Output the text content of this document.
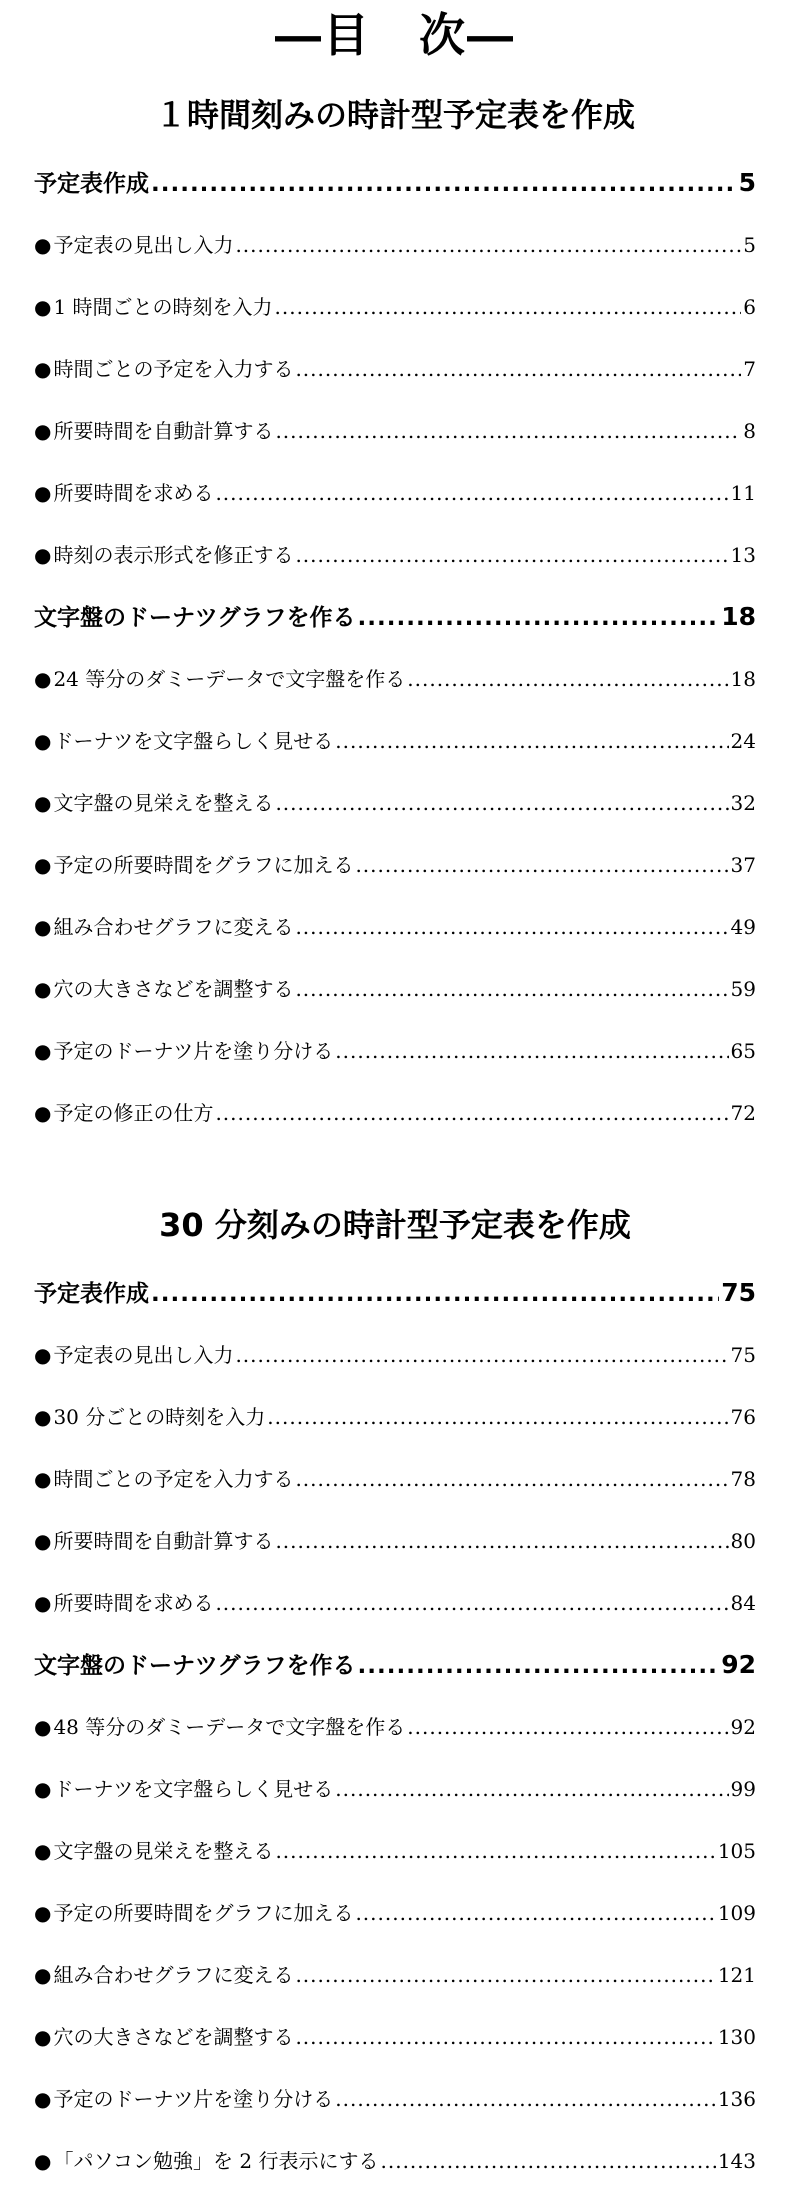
―目　次―
１時間刻みの時計型予定表を作成
予定表作成 .....	5
● 予定表の見出し入力 .....	5
● 1 時間ごとの時刻を入力 .....	6
● 時間ごとの予定を入力する .....	7
● 所要時間を自動計算する .....	8
● 所要時間を求める .....	11
● 時刻の表示形式を修正する .....	13
文字盤のドーナツグラフを作る .....	18
● 24 等分のダミーデータで文字盤を作る .....	18
● ドーナツを文字盤らしく見せる .....	24
● 文字盤の見栄えを整える .....	32
● 予定の所要時間をグラフに加える .....	37
● 組み合わせグラフに変える .....	49
● 穴の大きさなどを調整する .....	59
● 予定のドーナツ片を塗り分ける .....	65
● 予定の修正の仕方 .....	72
30 分刻みの時計型予定表を作成
予定表作成 .....	75
● 予定表の見出し入力 .....	75
● 30 分ごとの時刻を入力 .....	76
● 時間ごとの予定を入力する .....	78
● 所要時間を自動計算する .....	80
● 所要時間を求める .....	84
文字盤のドーナツグラフを作る .....	92
● 48 等分のダミーデータで文字盤を作る .....	92
● ドーナツを文字盤らしく見せる .....	99
● 文字盤の見栄えを整える .....	105
● 予定の所要時間をグラフに加える .....	109
● 組み合わせグラフに変える .....	121
● 穴の大きさなどを調整する .....	130
● 予定のドーナツ片を塗り分ける .....	136
● 「パソコン勉強」を 2 行表示にする .....	143
